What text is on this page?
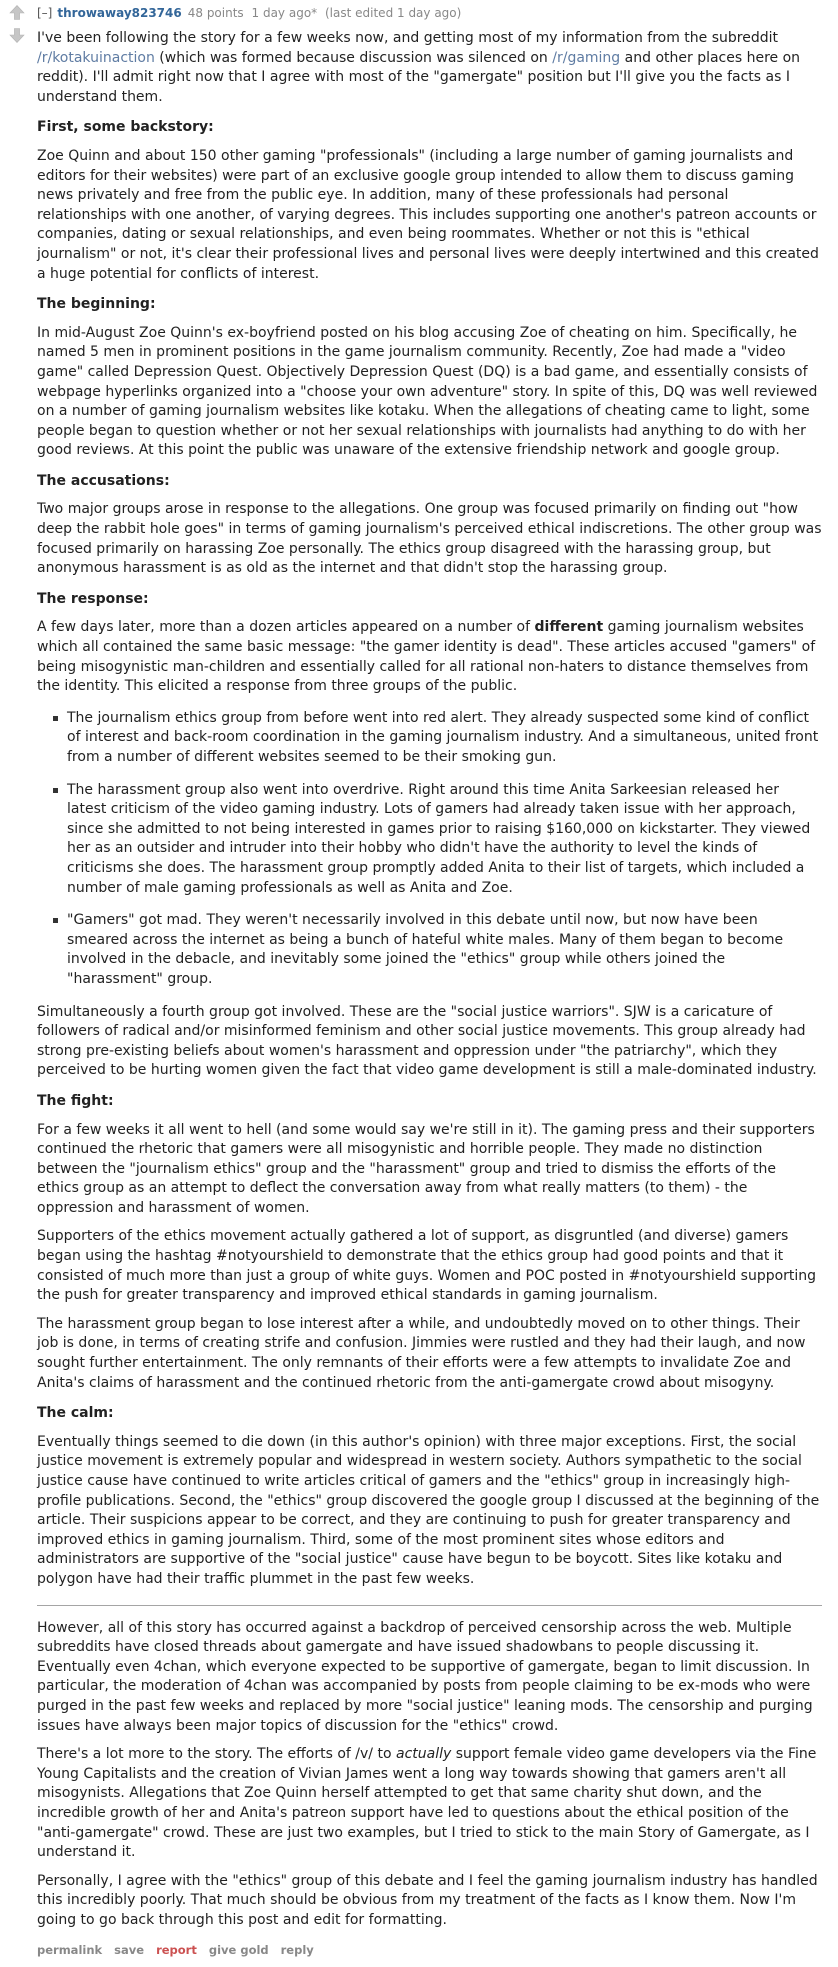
[–] throwaway823746 48 points 1 day ago* (last edited 1 day ago)

I've been following the story for a few weeks now, and getting most of my information from the subreddit /r/kotakuinaction (which was formed because discussion was silenced on /r/gaming and other places here on reddit). I'll admit right now that I agree with most of the "gamergate" position but I'll give you the facts as I understand them.

First, some backstory:

Zoe Quinn and about 150 other gaming "professionals" (including a large number of gaming journalists and editors for their websites) were part of an exclusive google group intended to allow them to discuss gaming news privately and free from the public eye. In addition, many of these professionals had personal relationships with one another, of varying degrees. This includes supporting one another's patreon accounts or companies, dating or sexual relationships, and even being roommates. Whether or not this is "ethical journalism" or not, it's clear their professional lives and personal lives were deeply intertwined and this created a huge potential for conflicts of interest.

The beginning:

In mid-August Zoe Quinn's ex-boyfriend posted on his blog accusing Zoe of cheating on him. Specifically, he named 5 men in prominent positions in the game journalism community. Recently, Zoe had made a "video game" called Depression Quest. Objectively Depression Quest (DQ) is a bad game, and essentially consists of webpage hyperlinks organized into a "choose your own adventure" story. In spite of this, DQ was well reviewed on a number of gaming journalism websites like kotaku. When the allegations of cheating came to light, some people began to question whether or not her sexual relationships with journalists had anything to do with her good reviews. At this point the public was unaware of the extensive friendship network and google group.

The accusations:

Two major groups arose in response to the allegations. One group was focused primarily on finding out "how deep the rabbit hole goes" in terms of gaming journalism's perceived ethical indiscretions. The other group was focused primarily on harassing Zoe personally. The ethics group disagreed with the harassing group, but anonymous harassment is as old as the internet and that didn't stop the harassing group.

The response:

A few days later, more than a dozen articles appeared on a number of different gaming journalism websites which all contained the same basic message: "the gamer identity is dead". These articles accused "gamers" of being misogynistic man-children and essentially called for all rational non-haters to distance themselves from the identity. This elicited a response from three groups of the public.

The journalism ethics group from before went into red alert. They already suspected some kind of conflict of interest and back-room coordination in the gaming journalism industry. And a simultaneous, united front from a number of different websites seemed to be their smoking gun.
The harassment group also went into overdrive. Right around this time Anita Sarkeesian released her latest criticism of the video gaming industry. Lots of gamers had already taken issue with her approach, since she admitted to not being interested in games prior to raising $160,000 on kickstarter. They viewed her as an outsider and intruder into their hobby who didn't have the authority to level the kinds of criticisms she does. The harassment group promptly added Anita to their list of targets, which included a number of male gaming professionals as well as Anita and Zoe.
"Gamers" got mad. They weren't necessarily involved in this debate until now, but now have been smeared across the internet as being a bunch of hateful white males. Many of them began to become involved in the debacle, and inevitably some joined the "ethics" group while others joined the "harassment" group.

Simultaneously a fourth group got involved. These are the "social justice warriors". SJW is a caricature of followers of radical and/or misinformed feminism and other social justice movements. This group already had strong pre-existing beliefs about women's harassment and oppression under "the patriarchy", which they perceived to be hurting women given the fact that video game development is still a male-dominated industry.

The fight:

For a few weeks it all went to hell (and some would say we're still in it). The gaming press and their supporters continued the rhetoric that gamers were all misogynistic and horrible people. They made no distinction between the "journalism ethics" group and the "harassment" group and tried to dismiss the efforts of the ethics group as an attempt to deflect the conversation away from what really matters (to them) - the oppression and harassment of women.

Supporters of the ethics movement actually gathered a lot of support, as disgruntled (and diverse) gamers began using the hashtag #notyourshield to demonstrate that the ethics group had good points and that it consisted of much more than just a group of white guys. Women and POC posted in #notyourshield supporting the push for greater transparency and improved ethical standards in gaming journalism.

The harassment group began to lose interest after a while, and undoubtedly moved on to other things. Their job is done, in terms of creating strife and confusion. Jimmies were rustled and they had their laugh, and now sought further entertainment. The only remnants of their efforts were a few attempts to invalidate Zoe and Anita's claims of harassment and the continued rhetoric from the anti-gamergate crowd about misogyny.

The calm:

Eventually things seemed to die down (in this author's opinion) with three major exceptions. First, the social justice movement is extremely popular and widespread in western society. Authors sympathetic to the social justice cause have continued to write articles critical of gamers and the "ethics" group in increasingly high-profile publications. Second, the "ethics" group discovered the google group I discussed at the beginning of the article. Their suspicions appear to be correct, and they are continuing to push for greater transparency and improved ethics in gaming journalism. Third, some of the most prominent sites whose editors and administrators are supportive of the "social justice" cause have begun to be boycott. Sites like kotaku and polygon have had their traffic plummet in the past few weeks.

However, all of this story has occurred against a backdrop of perceived censorship across the web. Multiple subreddits have closed threads about gamergate and have issued shadowbans to people discussing it. Eventually even 4chan, which everyone expected to be supportive of gamergate, began to limit discussion. In particular, the moderation of 4chan was accompanied by posts from people claiming to be ex-mods who were purged in the past few weeks and replaced by more "social justice" leaning mods. The censorship and purging issues have always been major topics of discussion for the "ethics" crowd.

There's a lot more to the story. The efforts of /v/ to actually support female video game developers via the Fine Young Capitalists and the creation of Vivian James went a long way towards showing that gamers aren't all misogynists. Allegations that Zoe Quinn herself attempted to get that same charity shut down, and the incredible growth of her and Anita's patreon support have led to questions about the ethical position of the "anti-gamergate" crowd. These are just two examples, but I tried to stick to the main Story of Gamergate, as I understand it.

Personally, I agree with the "ethics" group of this debate and I feel the gaming journalism industry has handled this incredibly poorly. That much should be obvious from my treatment of the facts as I know them. Now I'm going to go back through this post and edit for formatting.

permalink save report give gold reply
